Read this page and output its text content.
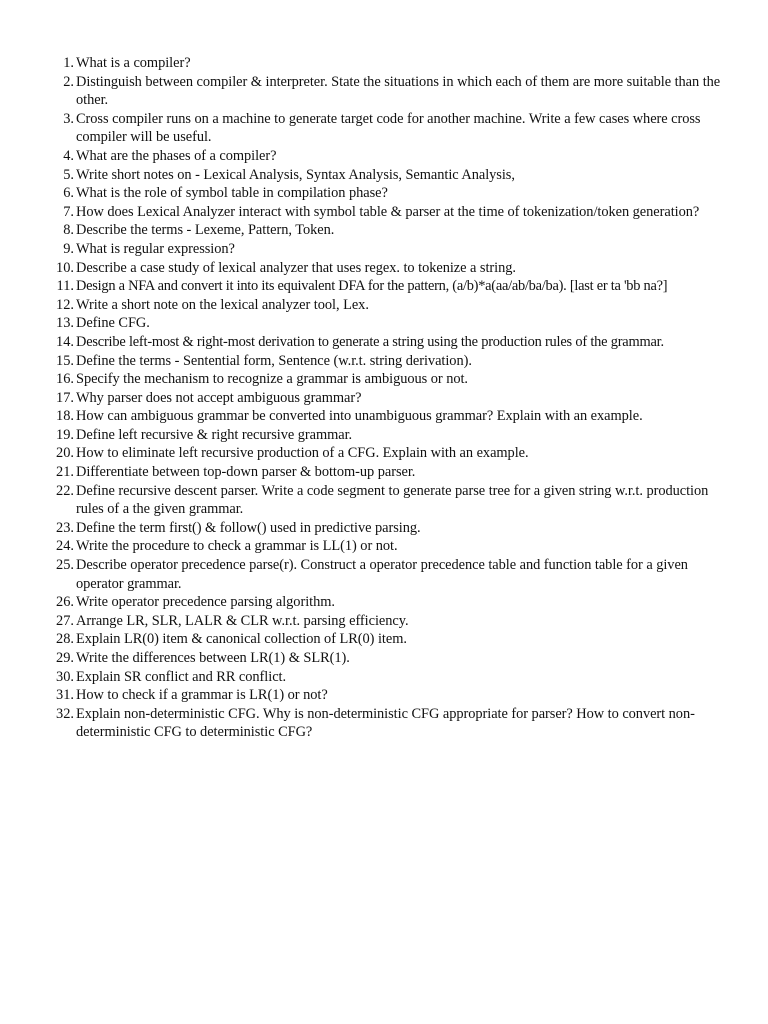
1. What is a compiler?
2. Distinguish between compiler & interpreter. State the situations in which each of them are more suitable than the other.
3. Cross compiler runs on a machine to generate target code for another machine. Write a few cases where cross compiler will be useful.
4. What are the phases of a compiler?
5. Write short notes on - Lexical Analysis, Syntax Analysis, Semantic Analysis,
6. What is the role of symbol table in compilation phase?
7. How does Lexical Analyzer interact with symbol table & parser at the time of tokenization/token generation?
8. Describe the terms - Lexeme, Pattern, Token.
9. What is regular expression?
10. Describe a case study of lexical analyzer that uses regex. to tokenize a string.
11. Design a NFA and convert it into its equivalent DFA for the pattern, (a/b)*a(aa/ab/ba/ba). [last er ta 'bb na?]
12. Write a short note on the lexical analyzer tool, Lex.
13. Define CFG.
14. Describe left-most & right-most derivation to generate a string using the production rules of the grammar.
15. Define the terms - Sentential form, Sentence (w.r.t. string derivation).
16. Specify the mechanism to recognize a grammar is ambiguous or not.
17. Why parser does not accept ambiguous grammar?
18. How can ambiguous grammar be converted into unambiguous grammar? Explain with an example.
19. Define left recursive & right recursive grammar.
20. How to eliminate left recursive production of a CFG. Explain with an example.
21. Differentiate between top-down parser & bottom-up parser.
22. Define recursive descent parser. Write a code segment to generate parse tree for a given string w.r.t. production rules of a the given grammar.
23. Define the term first() & follow() used in predictive parsing.
24. Write the procedure to check a grammar is LL(1) or not.
25. Describe operator precedence parse(r). Construct a operator precedence table and function table for a given operator grammar.
26. Write operator precedence parsing algorithm.
27. Arrange LR, SLR, LALR & CLR w.r.t. parsing efficiency.
28. Explain LR(0) item & canonical collection of LR(0) item.
29. Write the differences between LR(1) & SLR(1).
30. Explain SR conflict and RR conflict.
31. How to check if a grammar is LR(1) or not?
32. Explain non-deterministic CFG. Why is non-deterministic CFG appropriate for parser? How to convert non-deterministic CFG to deterministic CFG?
